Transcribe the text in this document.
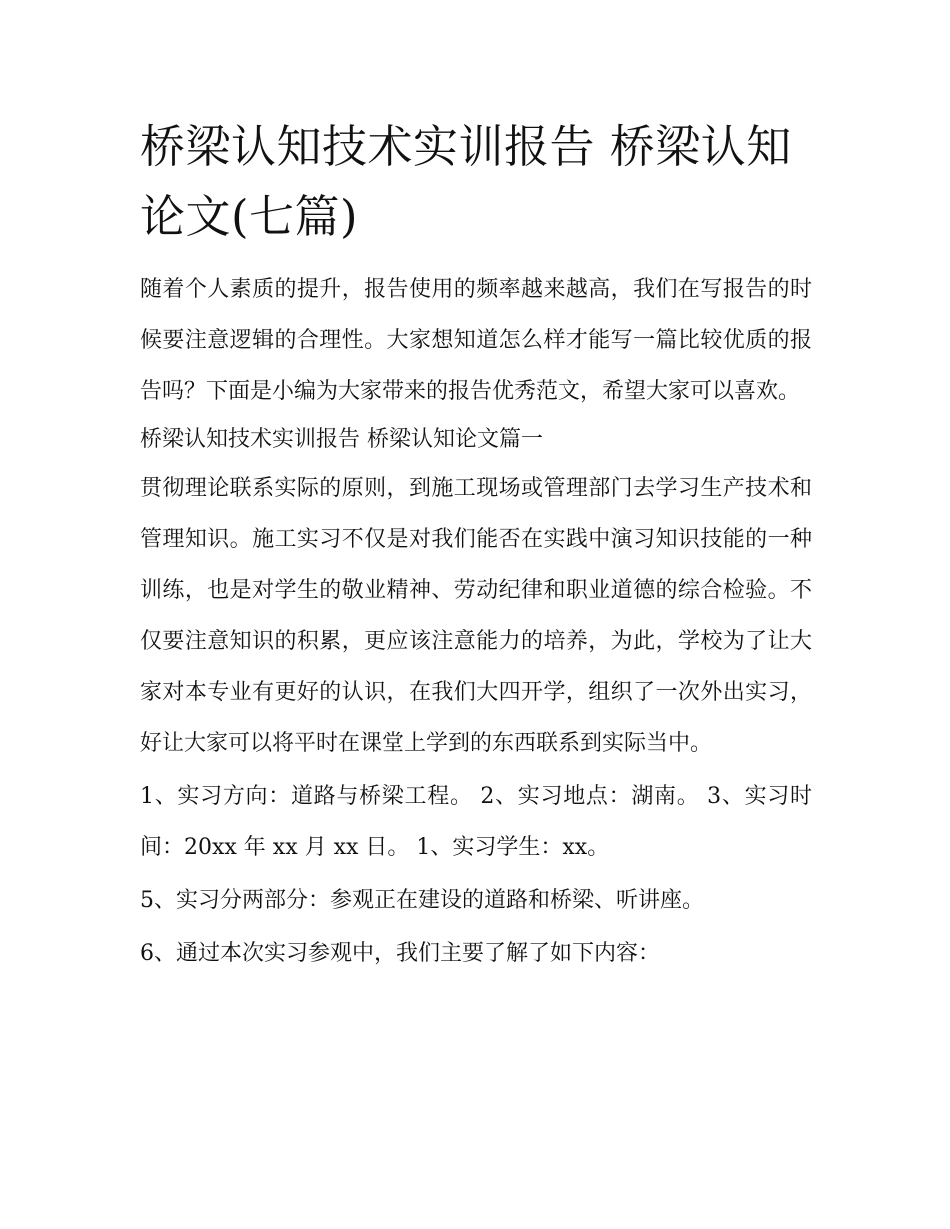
桥梁认知技术实训报告 桥梁认知论文(七篇)

随着个人素质的提升，报告使用的频率越来越高，我们在写报告的时候要注意逻辑的合理性。大家想知道怎么样才能写一篇比较优质的报告吗？下面是小编为大家带来的报告优秀范文，希望大家可以喜欢。

桥梁认知技术实训报告 桥梁认知论文篇一

贯彻理论联系实际的原则，到施工现场或管理部门去学习生产技术和管理知识。施工实习不仅是对我们能否在实践中演习知识技能的一种训练，也是对学生的敬业精神、劳动纪律和职业道德的综合检验。不仅要注意知识的积累，更应该注意能力的培养，为此，学校为了让大家对本专业有更好的认识，在我们大四开学，组织了一次外出实习，好让大家可以将平时在课堂上学到的东西联系到实际当中。

1、实习方向：道路与桥梁工程。 2、实习地点：湖南。 3、实习时间：20xx 年 xx 月 xx 日。 1、实习学生：xx。

5、实习分两部分：参观正在建设的道路和桥梁、听讲座。

6、通过本次实习参观中，我们主要了解了如下内容：
